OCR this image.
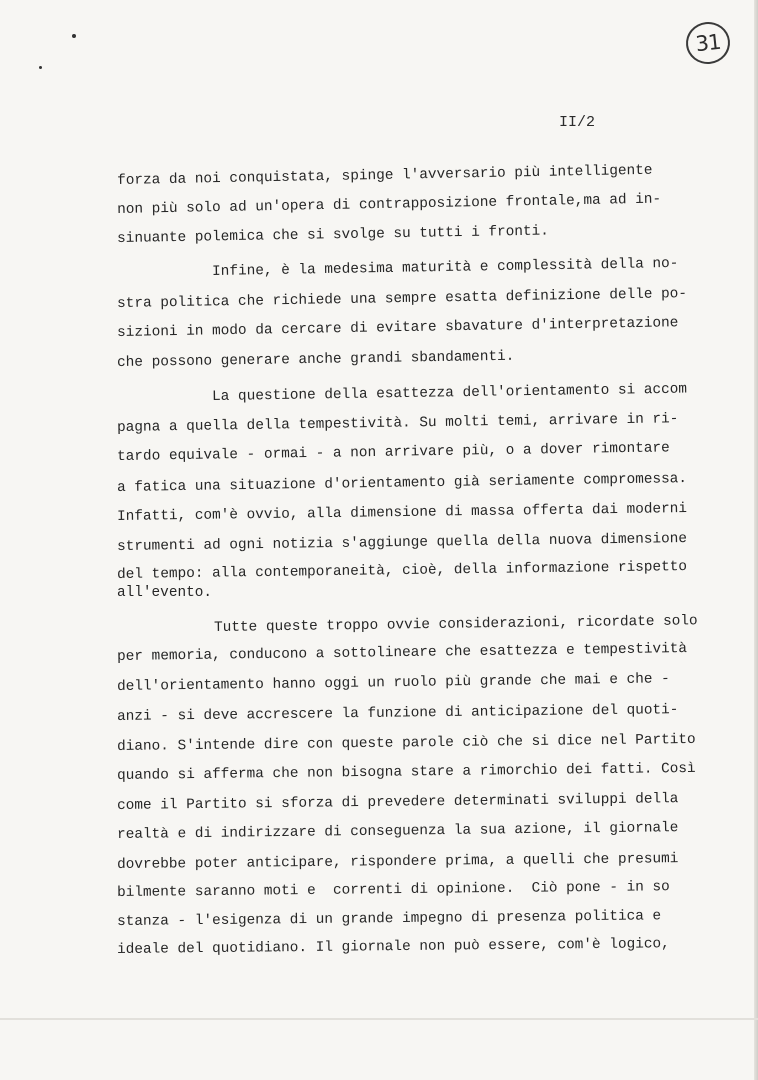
31
II/2
forza da noi conquistata, spinge l'avversario più intelligente
non più solo ad un'opera di contrapposizione frontale,ma ad in-
sinuante polemica che si svolge su tutti i fronti.
Infine, è la medesima maturità e complessità della no-
stra politica che richiede una sempre esatta definizione delle po-
sizioni in modo da cercare di evitare sbavature d'interpretazione
che possono generare anche grandi sbandamenti.
La questione della esattezza dell'orientamento si accom
pagna a quella della tempestività. Su molti temi, arrivare in ri-
tardo equivale - ormai - a non arrivare più, o a dover rimontare
a fatica una situazione d'orientamento già seriamente compromessa.
Infatti, com'è ovvio, alla dimensione di massa offerta dai moderni
strumenti ad ogni notizia s'aggiunge quella della nuova dimensione
del tempo: alla contemporaneità, cioè, della informazione rispetto
all'evento.
Tutte queste troppo ovvie considerazioni, ricordate solo
per memoria, conducono a sottolineare che esattezza e tempestività
dell'orientamento hanno oggi un ruolo più grande che mai e che -
anzi - si deve accrescere la funzione di anticipazione del quoti-
diano. S'intende dire con queste parole ciò che si dice nel Partito
quando si afferma che non bisogna stare a rimorchio dei fatti. Così
come il Partito si sforza di prevedere determinati sviluppi della
realtà e di indirizzare di conseguenza la sua azione, il giornale
dovrebbe poter anticipare, rispondere prima, a quelli che presumi
bilmente saranno moti e  correnti di opinione.  Ciò pone - in so
stanza - l'esigenza di un grande impegno di presenza politica e
ideale del quotidiano. Il giornale non può essere, com'è logico,
